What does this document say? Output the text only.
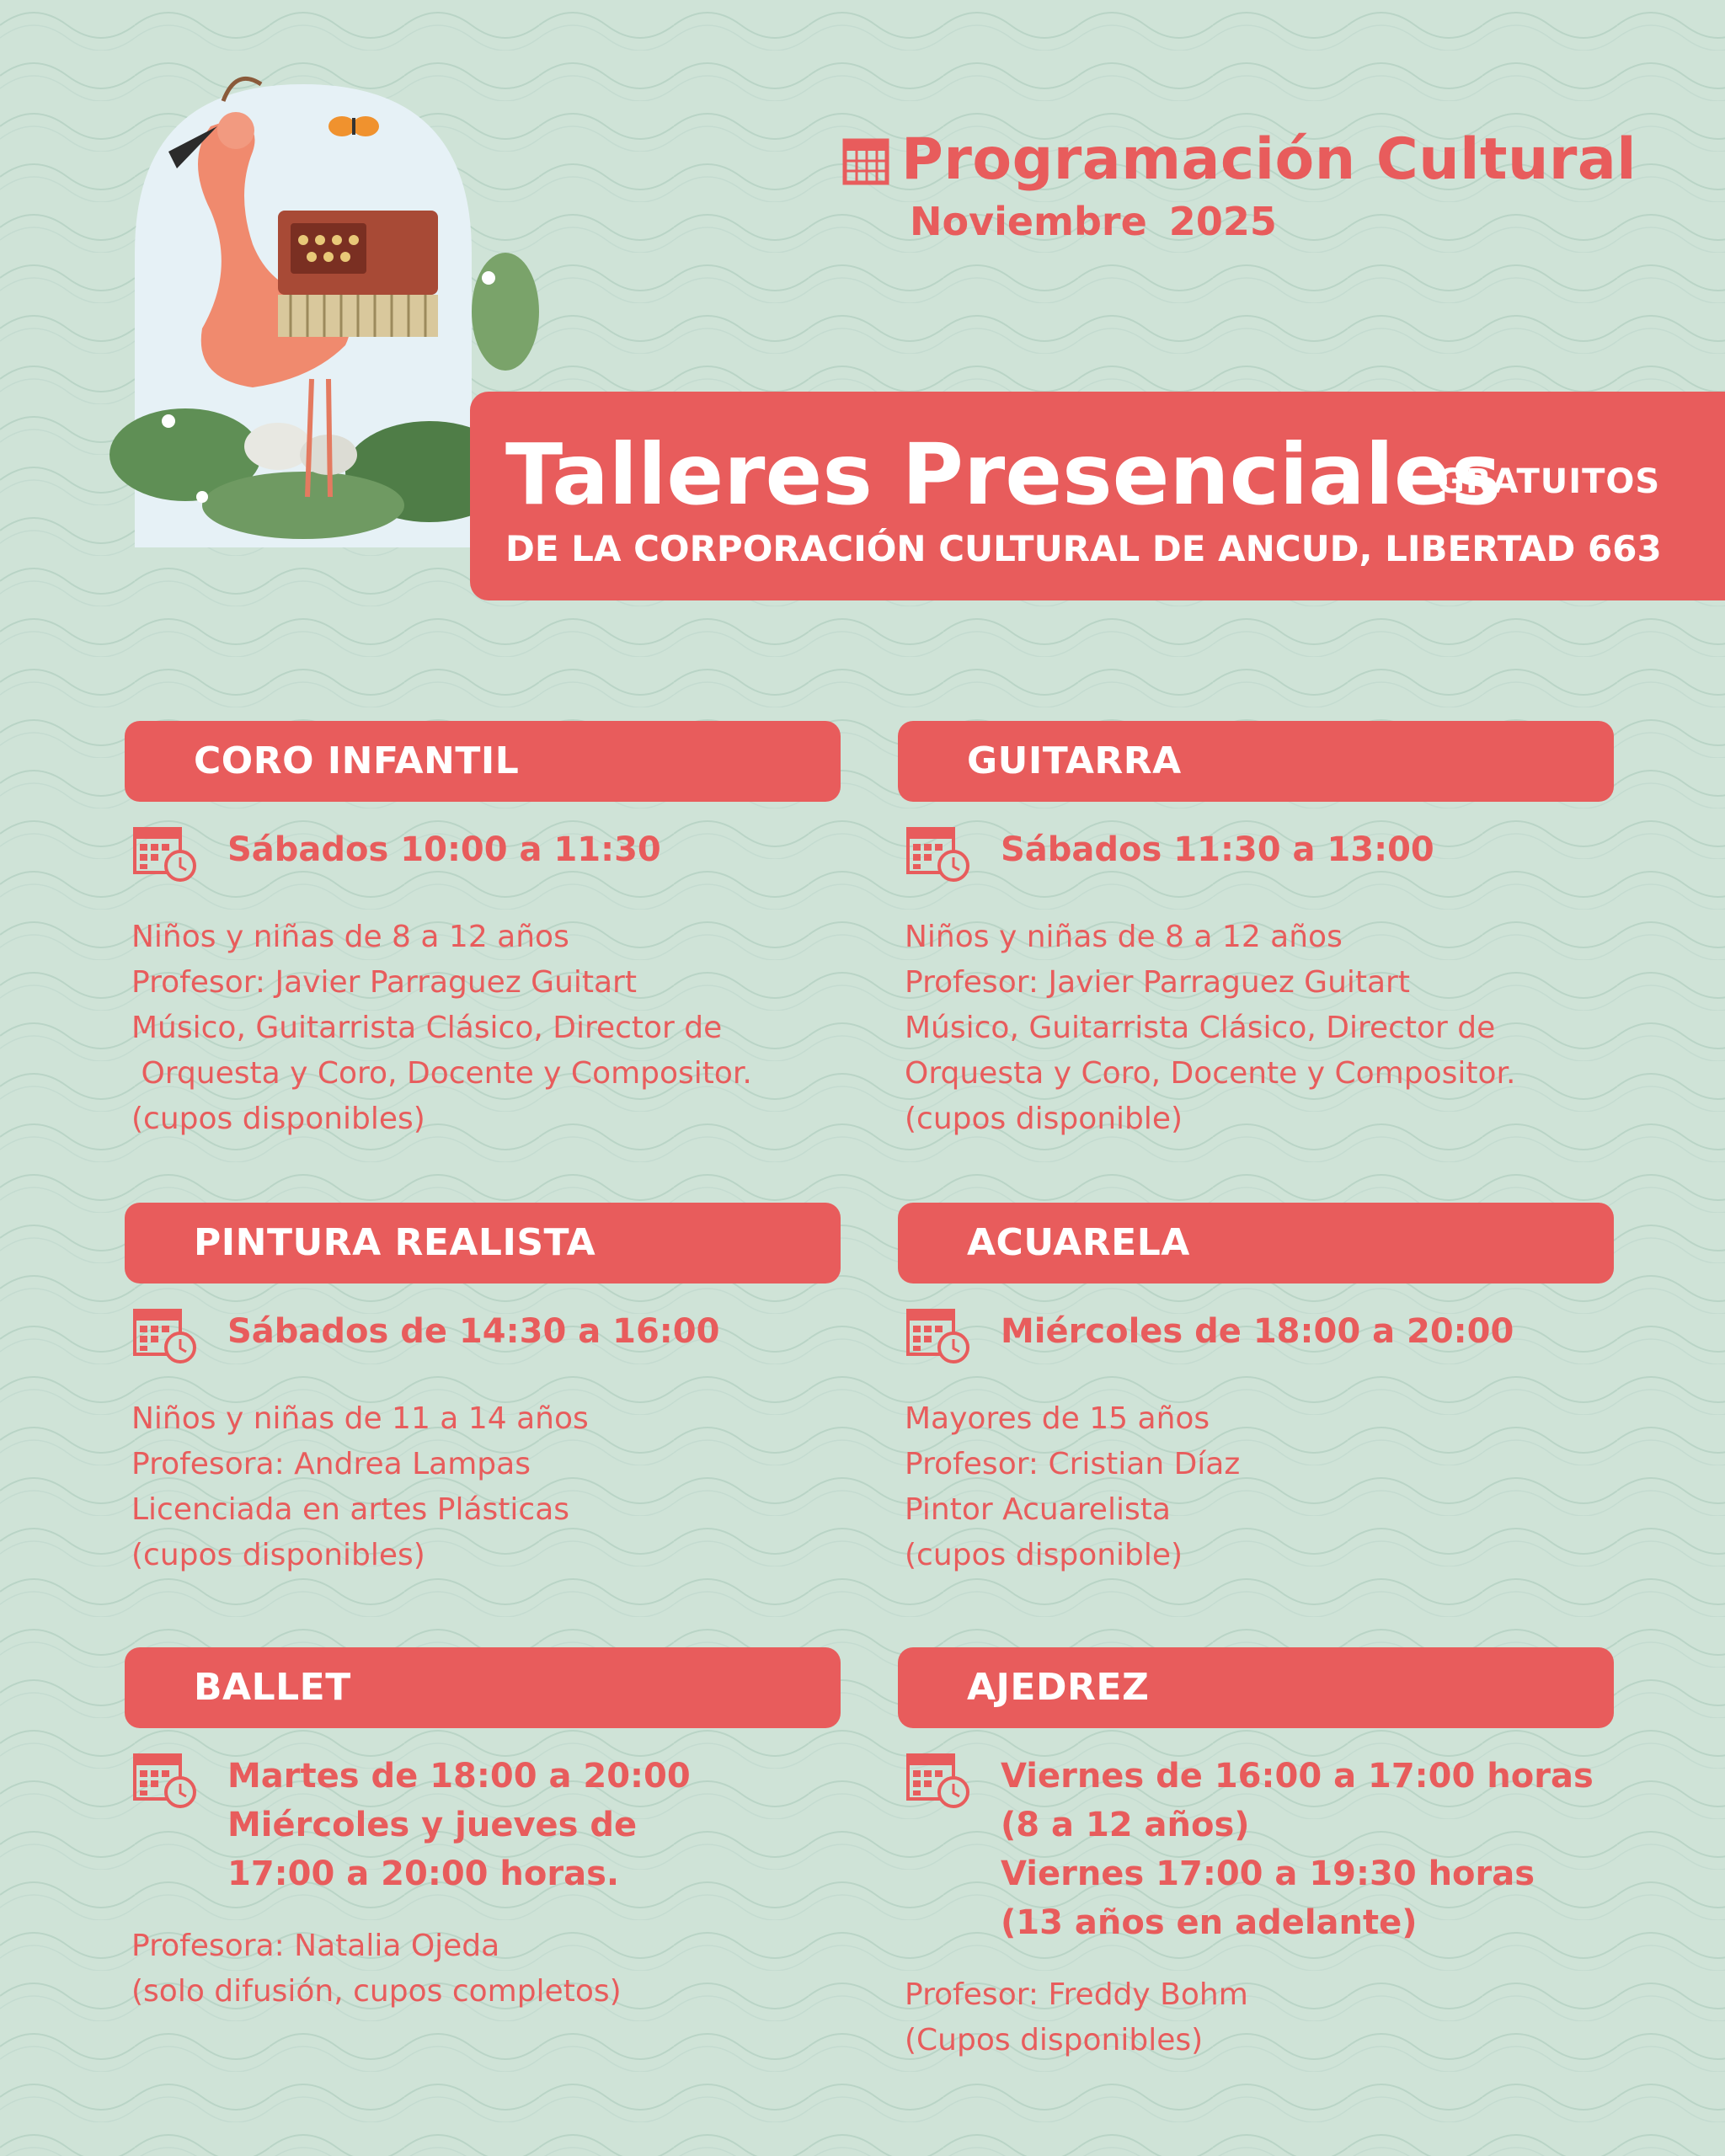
Programación Cultural

Noviembre 2025

Talleres Presenciales
GRATUITOS
DE LA CORPORACIÓN CULTURAL DE ANCUD, LIBERTAD 663
CORO INFANTIL
Sábados 10:00 a 11:30
Niños y niñas de 8 a 12 años
Profesor: Javier Parraguez Guitart
Músico, Guitarrista Clásico, Director de
Orquesta y Coro, Docente y Compositor.
(cupos disponibles)
GUITARRA
Sábados 11:30 a 13:00
Niños y niñas de 8 a 12 años
Profesor: Javier Parraguez Guitart
Músico, Guitarrista Clásico, Director de
Orquesta y Coro, Docente y Compositor.
(cupos disponible)
PINTURA REALISTA
Sábados de 14:30 a 16:00
Niños y niñas de 11 a 14 años
Profesora: Andrea Lampas
Licenciada en artes Plásticas
(cupos disponibles)
ACUARELA
Miércoles de 18:00 a 20:00
Mayores de 15 años
Profesor: Cristian Díaz
Pintor Acuarelista
(cupos disponible)
BALLET
Martes de 18:00 a 20:00
Miércoles y jueves de
17:00 a 20:00 horas.
Profesora: Natalia Ojeda
(solo difusión, cupos completos)
AJEDREZ
Viernes de 16:00 a 17:00 horas
(8 a 12 años)
Viernes 17:00 a 19:30 horas
(13 años en adelante)
Profesor: Freddy Bohm
(Cupos disponibles)
